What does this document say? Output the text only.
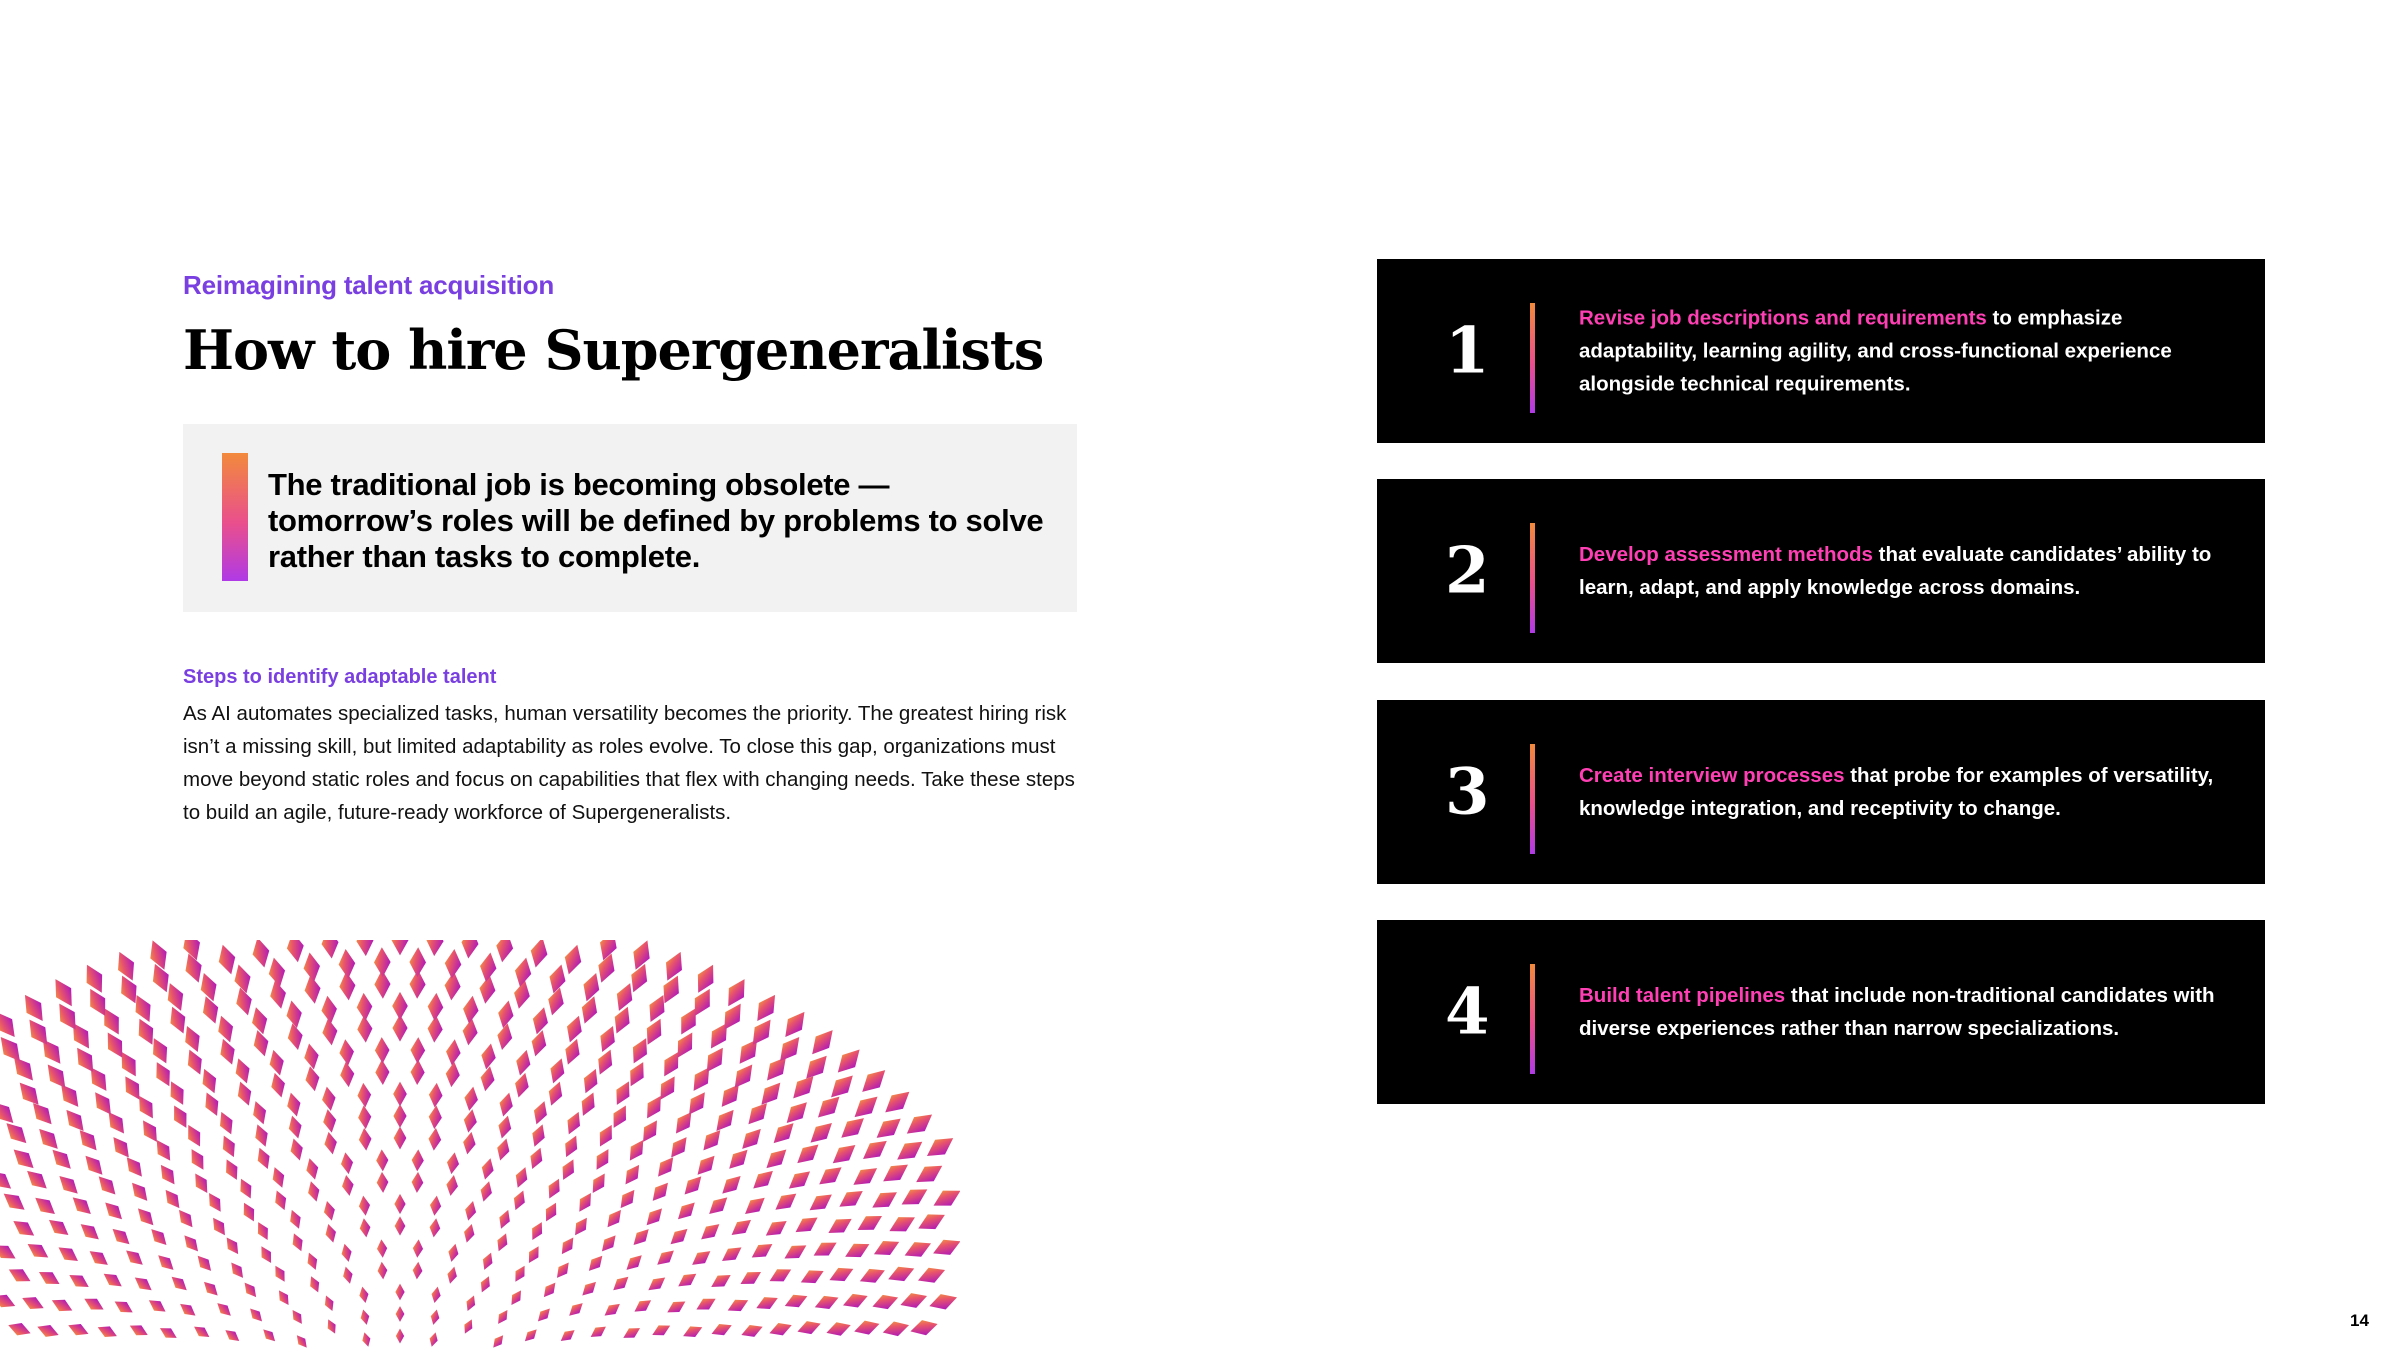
Reimagining talent acquisition
How to hire Supergeneralists
The traditional job is becoming obsolete — tomorrow’s roles will be defined by problems to solve rather than tasks to complete.
Steps to identify adaptable talent
As AI automates specialized tasks, human versatility becomes the priority. The greatest hiring risk isn’t a missing skill, but limited adaptability as roles evolve. To close this gap, organizations must move beyond static roles and focus on capabilities that flex with changing needs. Take these steps to build an agile, future-ready workforce of Supergeneralists.
1	Revise job descriptions and requirements to emphasize adaptability, learning agility, and cross-functional experience alongside technical requirements.
2	Develop assessment methods that evaluate candidates’ ability to learn, adapt, and apply knowledge across domains.
3	Create interview processes that probe for examples of versatility, knowledge integration, and receptivity to change.
4	Build talent pipelines that include non-traditional candidates with diverse experiences rather than narrow specializations.
14
